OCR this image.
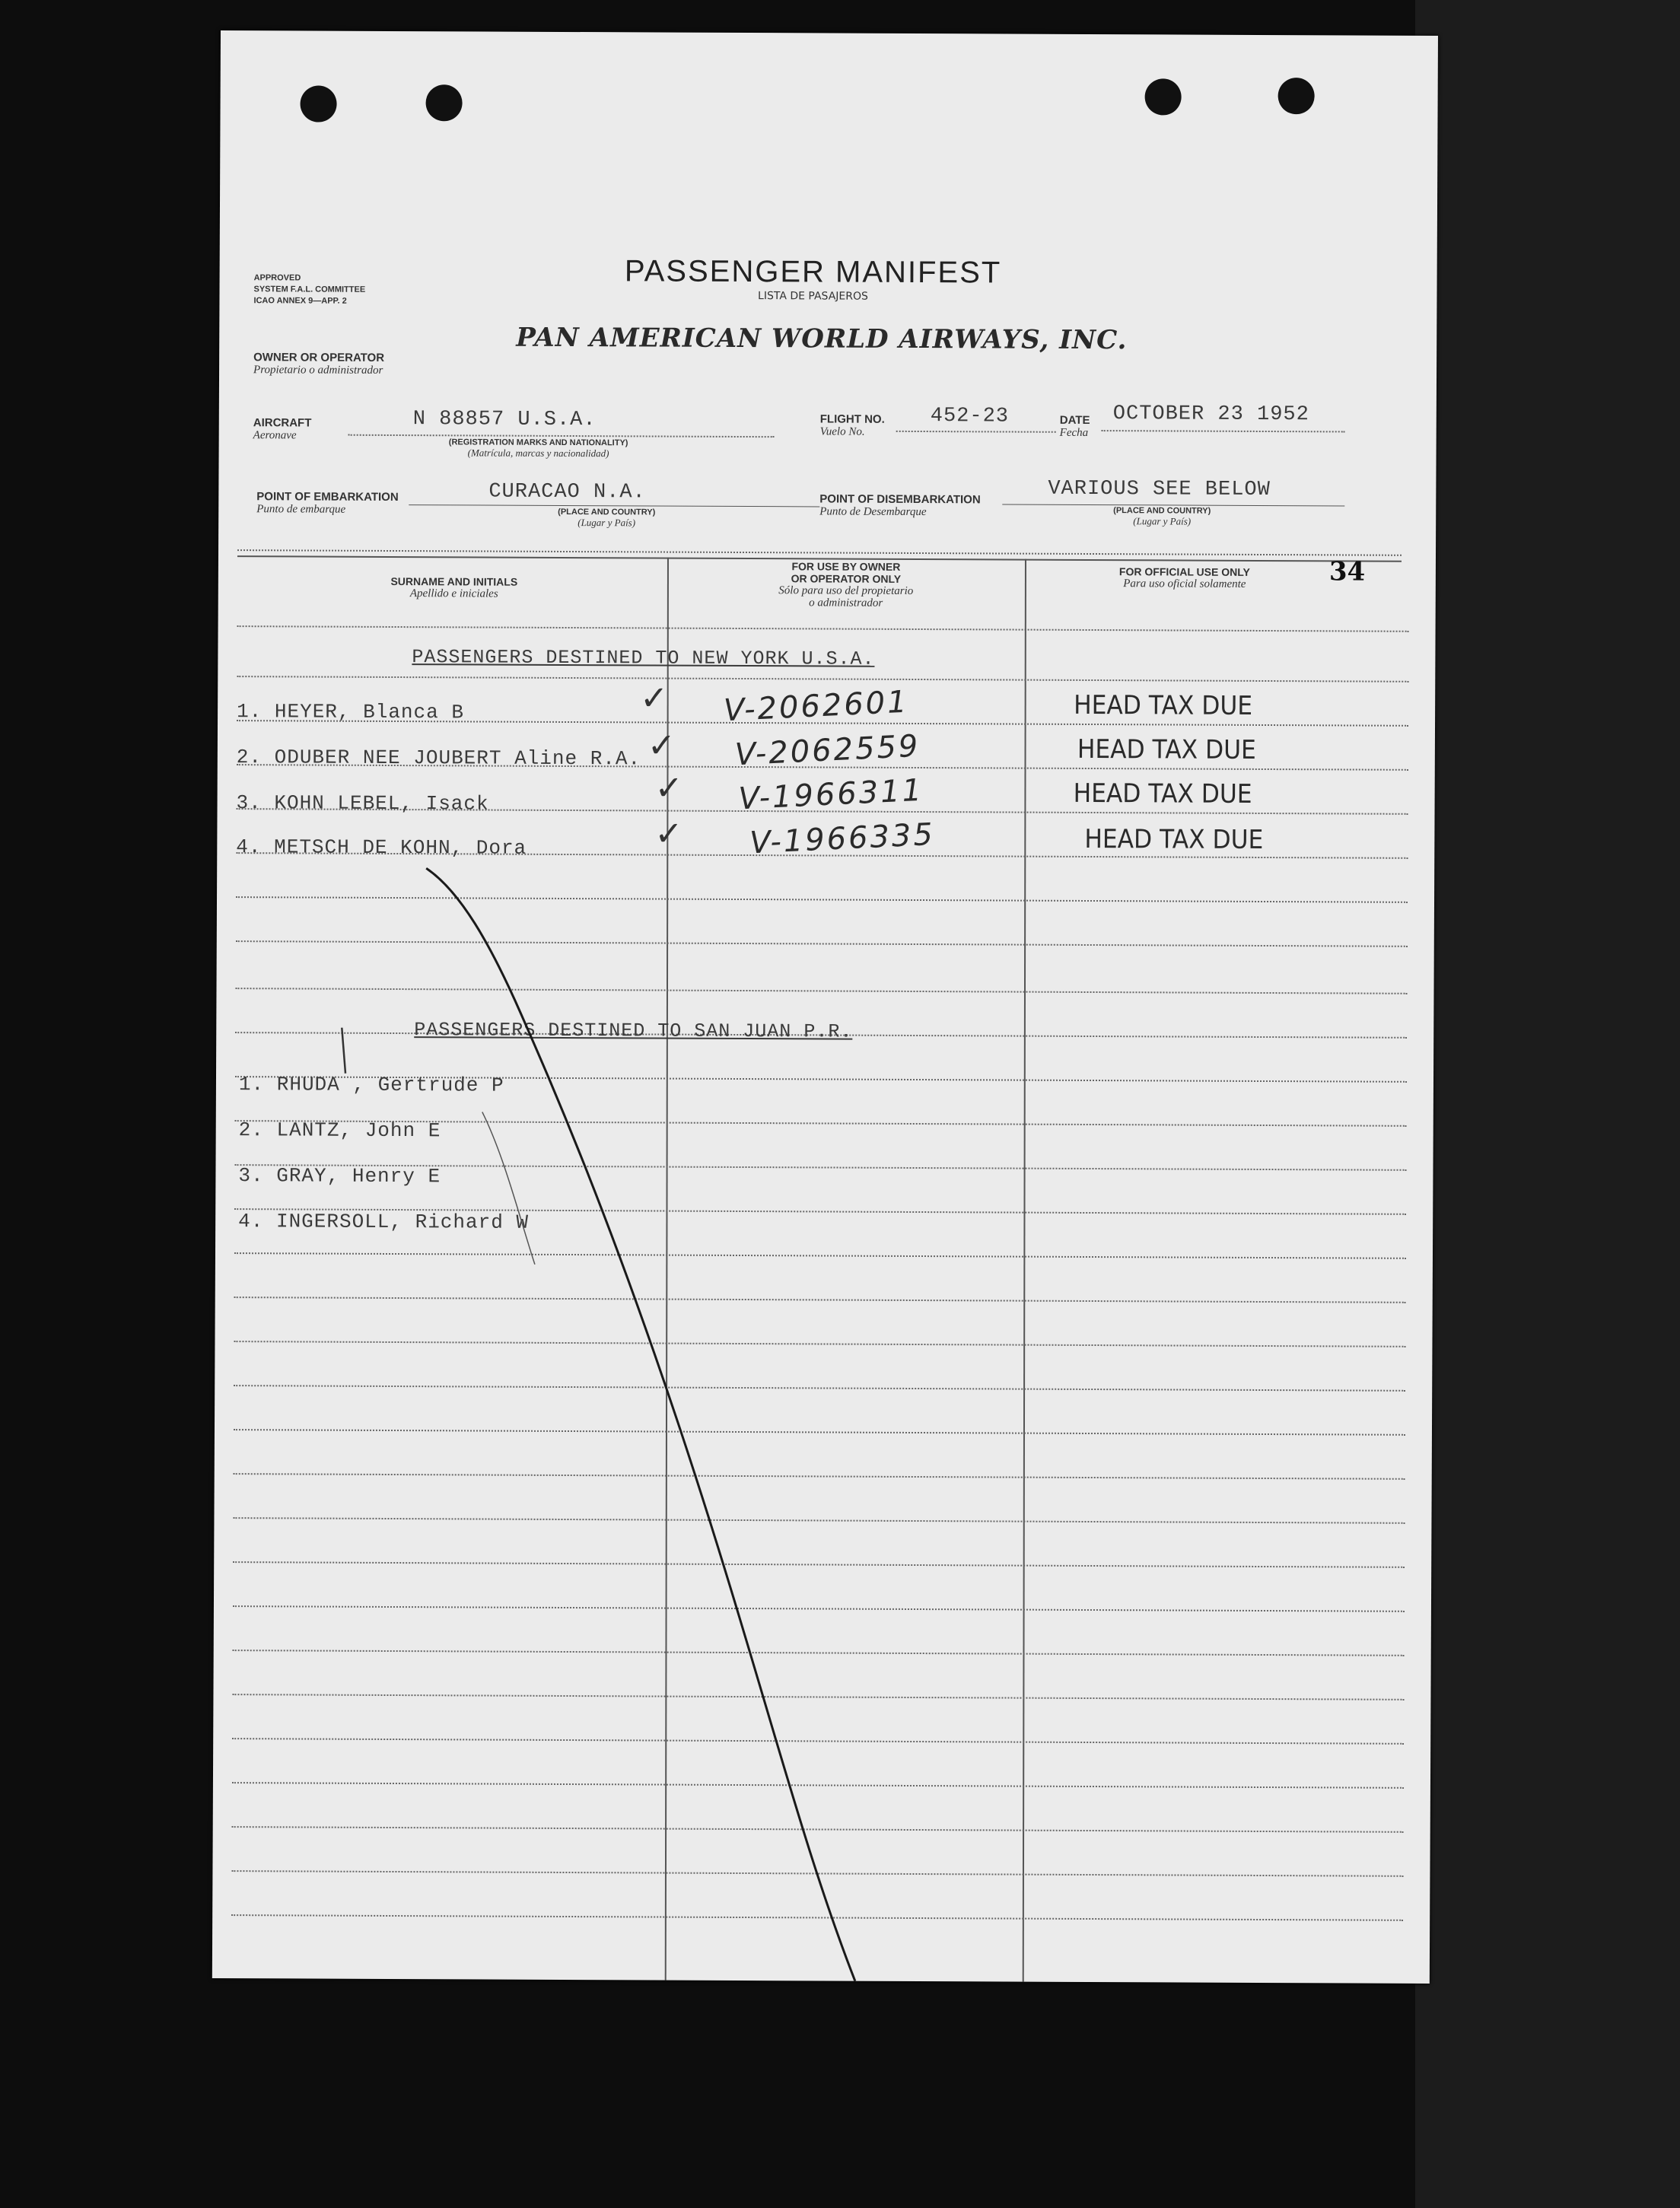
APPROVED
SYSTEM F.A.L. COMMITTEE
ICAO ANNEX 9—APP. 2
PASSENGER MANIFEST
LISTA DE PASAJEROS
OWNER OR OPERATOR
Propietario o administrador
PAN AMERICAN WORLD AIRWAYS, INC.
AIRCRAFT
Aeronave
N 88857 U.S.A.
(REGISTRATION MARKS AND NATIONALITY)
(Matrícula, marcas y nacionalidad)
FLIGHT NO.
Vuelo No.
452-23	DATE
Fecha
OCTOBER 23 1952
POINT OF EMBARKATION
Punto de embarque
CURACAO N.A.
(PLACE AND COUNTRY)
(Lugar y País)
POINT OF DISEMBARKATION
Punto de Desembarque
VARIOUS SEE BELOW
(PLACE AND COUNTRY)
(Lugar y País)
SURNAME AND INITIALS
Apellido e iniciales
FOR USE BY OWNER
OR OPERATOR ONLY
Sólo para uso del propietario
o administrador
FOR OFFICIAL USE ONLY
Para uso oficial solamente	34
PASSENGERS DESTINED TO NEW YORK U.S.A.
1. HEYER, Blanca B
2. ODUBER NEE JOUBERT Aline R.A.
3. KOHN LEBEL, Isack
4. METSCH DE KOHN, Dora
✓
✓
✓
✓
V-2062601
V-2062559
V-1966311
V-1966335
HEAD TAX DUE
HEAD TAX DUE
HEAD TAX DUE
HEAD TAX DUE
PASSENGERS DESTINED TO SAN JUAN P.R.
1. RHUDA , Gertrude P
2. LANTZ, John E
3. GRAY, Henry E
4. INGERSOLL, Richard W
